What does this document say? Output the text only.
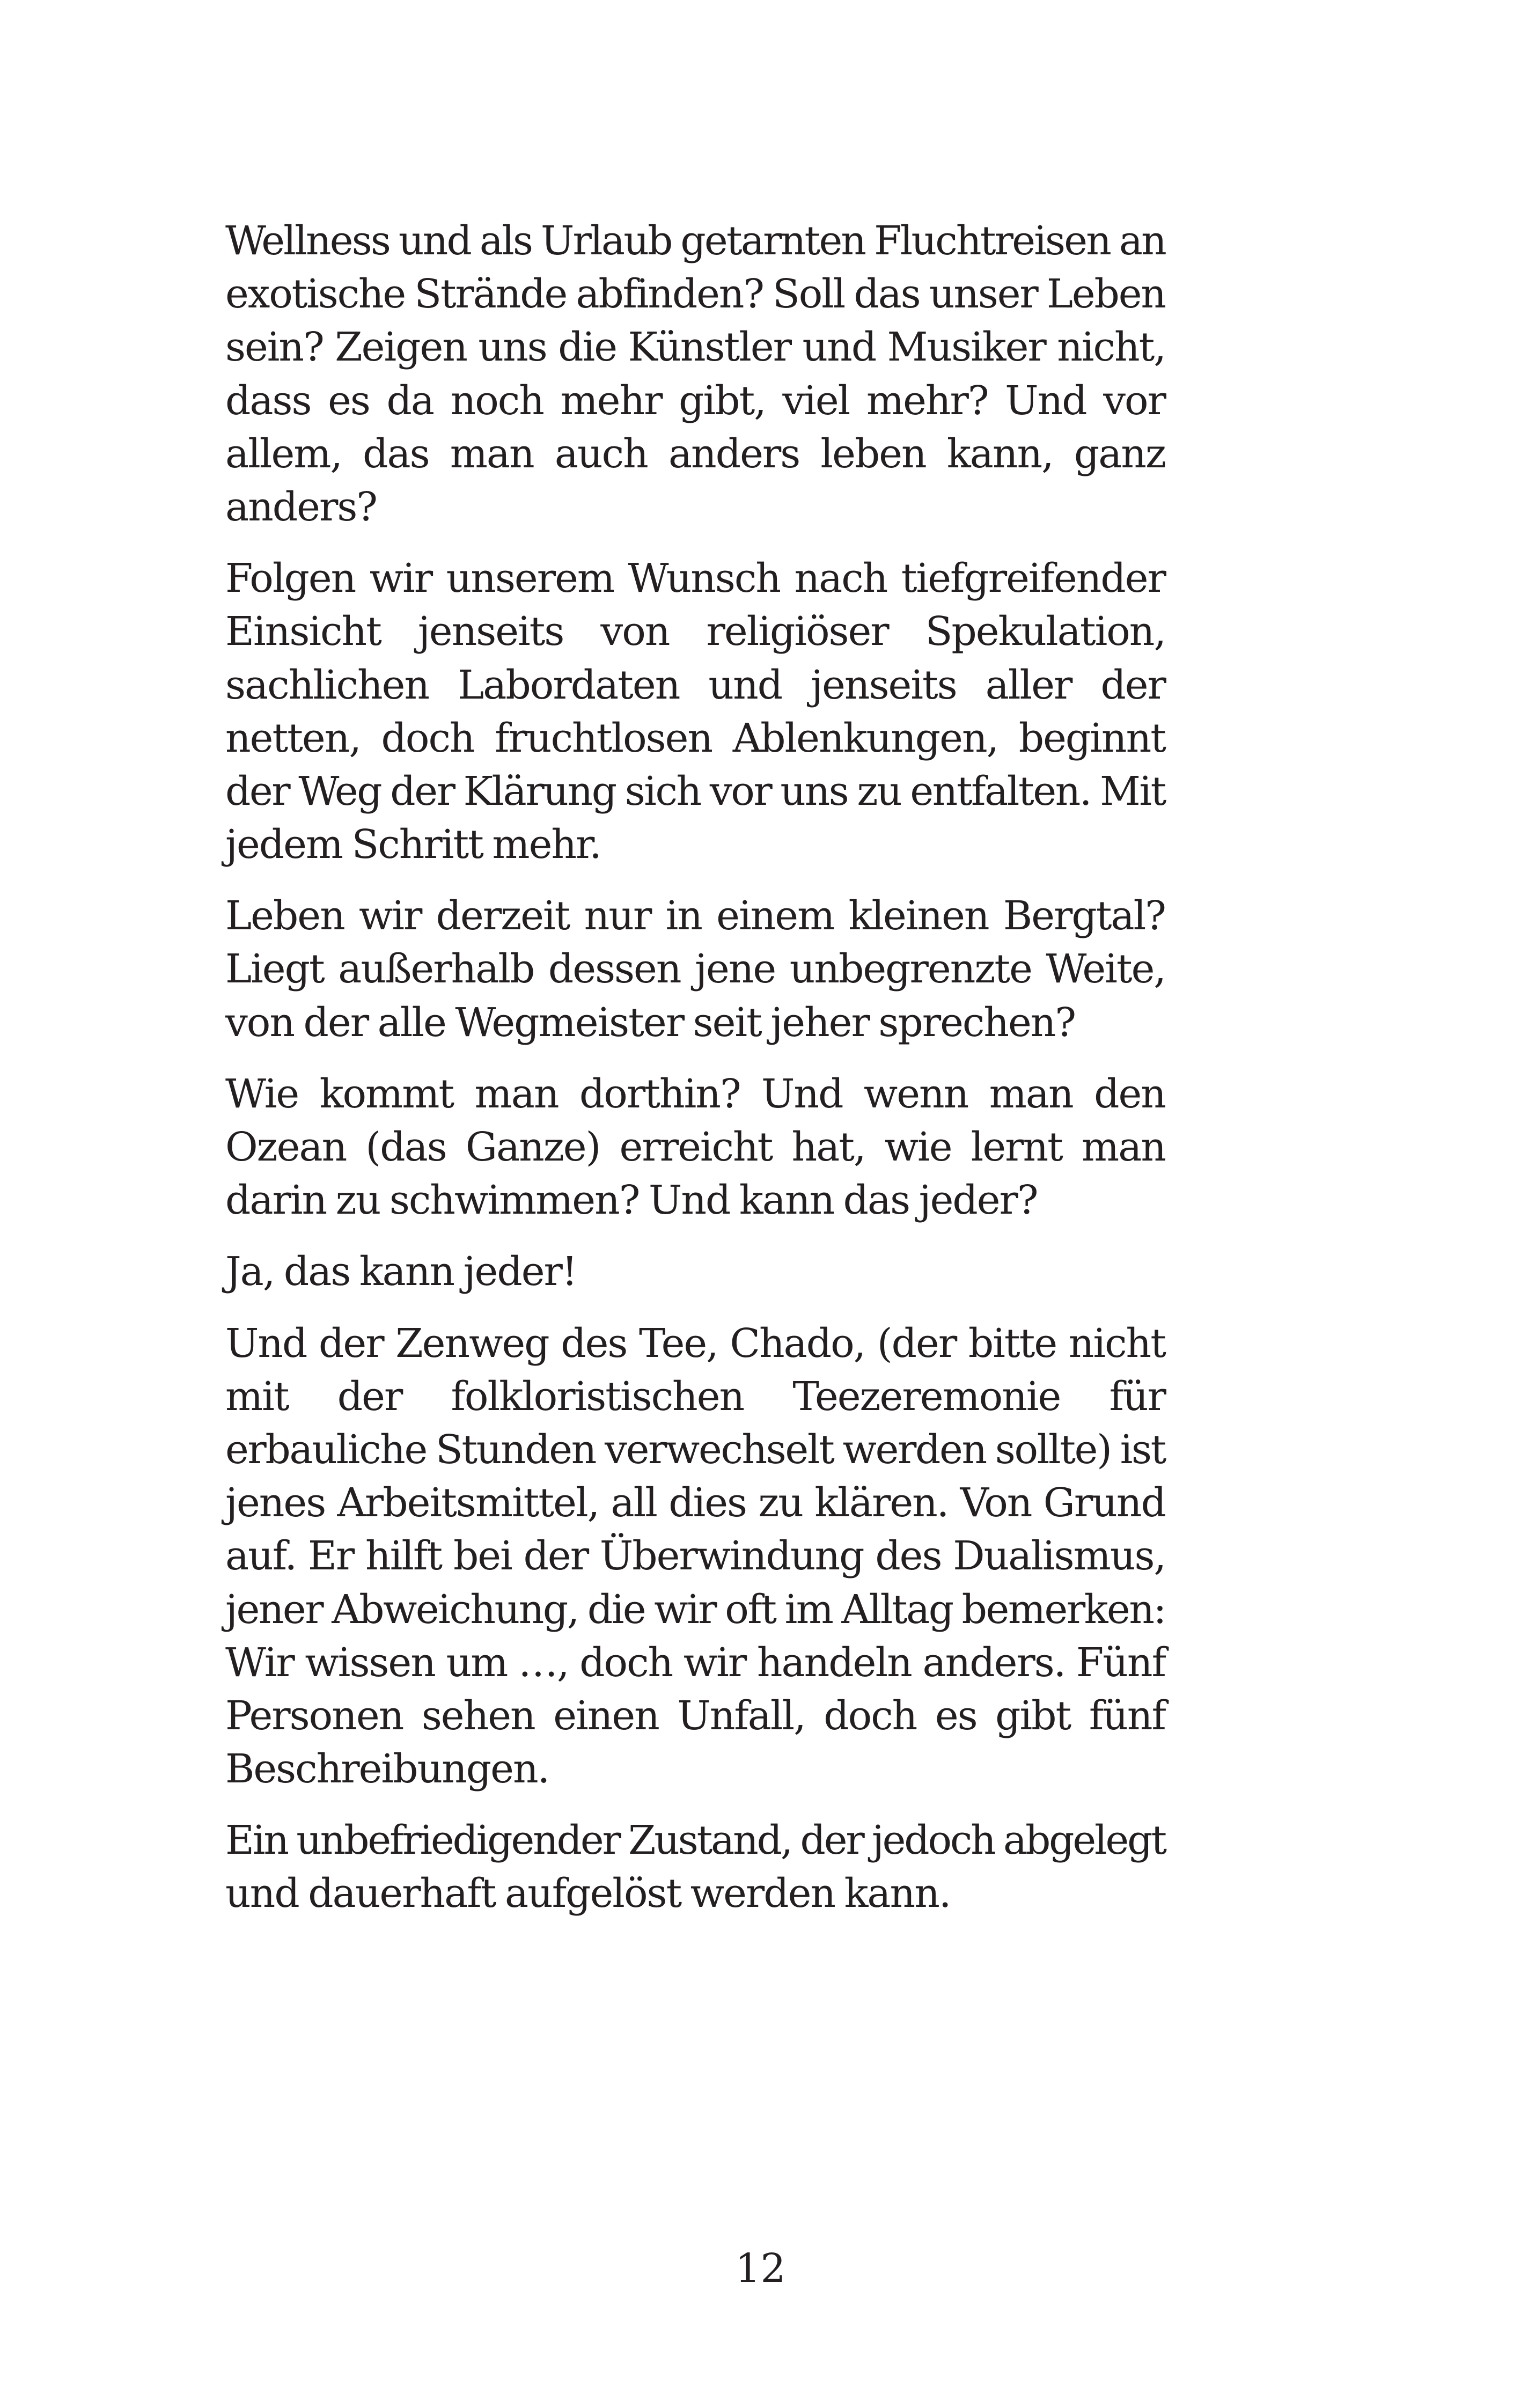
Wellness und als Urlaub getarnten Fluchtreisen an
exotische Strände abfinden? Soll das unser Leben
sein? Zeigen uns die Künstler und Musiker nicht,
dass es da noch mehr gibt, viel mehr? Und vor
allem, das man auch anders leben kann, ganz
anders?

Folgen wir unserem Wunsch nach tiefgreifender
Einsicht jenseits von religiöser Spekulation,
sachlichen Labordaten und jenseits aller der
netten, doch fruchtlosen Ablenkungen, beginnt
der Weg der Klärung sich vor uns zu entfalten. Mit
jedem Schritt mehr.

Leben wir derzeit nur in einem kleinen Bergtal?
Liegt außerhalb dessen jene unbegrenzte Weite,
von der alle Wegmeister seit jeher sprechen?

Wie kommt man dorthin? Und wenn man den
Ozean (das Ganze) erreicht hat, wie lernt man
darin zu schwimmen? Und kann das jeder?

Ja, das kann jeder!

Und der Zenweg des Tee, Chado, (der bitte nicht
mit der folkloristischen Teezeremonie für
erbauliche Stunden verwechselt werden sollte) ist
jenes Arbeitsmittel, all dies zu klären. Von Grund
auf. Er hilft bei der Überwindung des Dualismus,
jener Abweichung, die wir oft im Alltag bemerken:
Wir wissen um …, doch wir handeln anders. Fünf
Personen sehen einen Unfall, doch es gibt fünf
Beschreibungen.

Ein unbefriedigender Zustand, der jedoch abgelegt
und dauerhaft aufgelöst werden kann.

12
